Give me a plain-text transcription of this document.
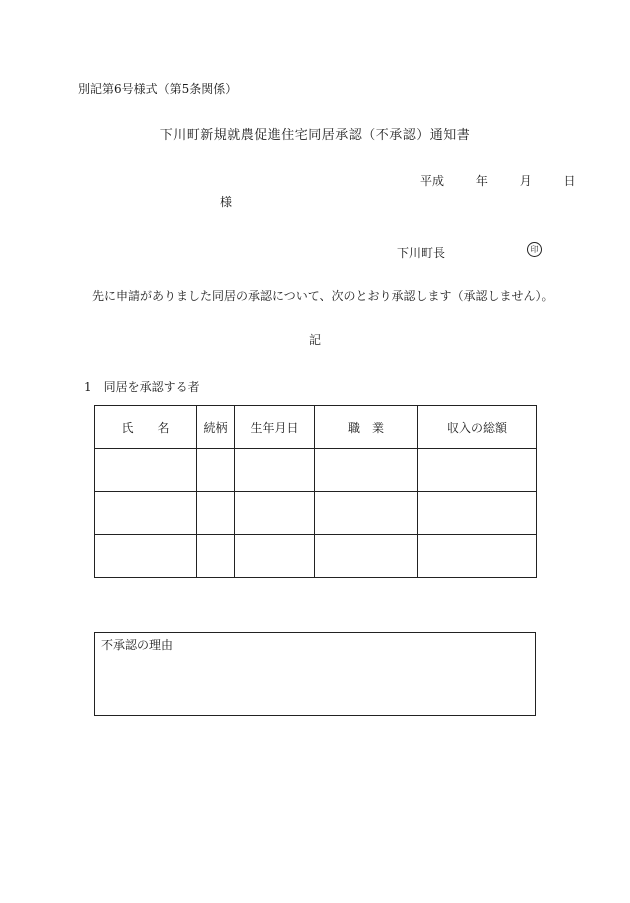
別記第6号様式（第5条関係）
下川町新規就農促進住宅同居承認（不承認）通知書
平成	年	月	日
様
下川町長	印
先に申請がありました同居の承認について、次のとおり承認します（承認しません）。
記
1 同居を承認する者
氏　　名	続柄	生年月日	職　業	収入の総額

不承認の理由
